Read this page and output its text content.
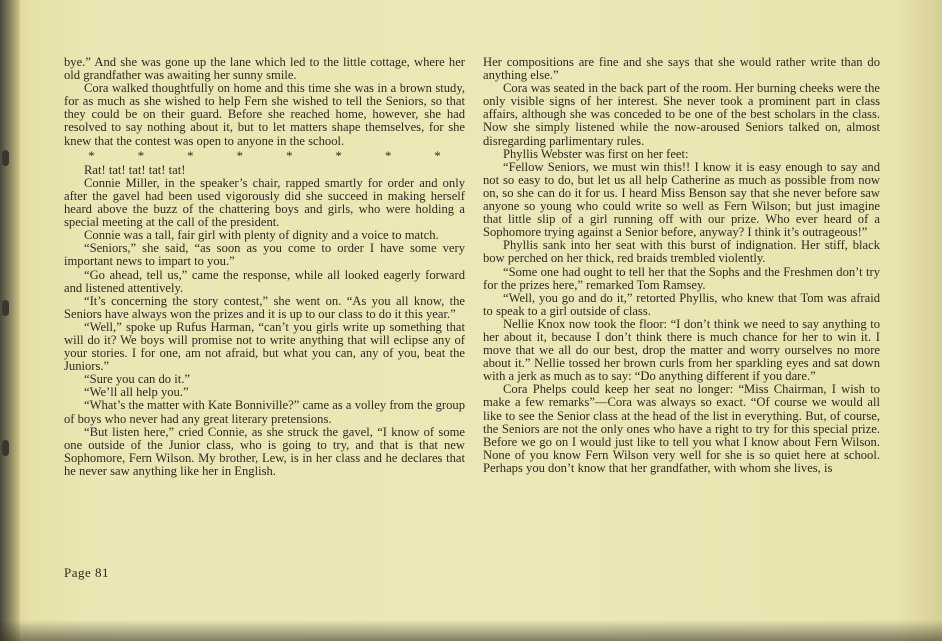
bye.” And she was gone up the lane which led to the little cottage, where her old grandfather was awaiting her sunny smile.

Cora walked thoughtfully on home and this time she was in a brown study, for as much as she wished to help Fern she wished to tell the Seniors, so that they could be on their guard. Before she reached home, however, she had resolved to say nothing about it, but to let matters shape themselves, for she knew that the contest was open to anyone in the school.

* * * * * * * *

Rat! tat! tat! tat! tat!

Connie Miller, in the speaker’s chair, rapped smartly for order and only after the gavel had been used vigorously did she succeed in making herself heard above the buzz of the chattering boys and girls, who were holding a special meeting at the call of the president.

Connie was a tall, fair girl with plenty of dignity and a voice to match.

“Seniors,” she said, “as soon as you come to order I have some very important news to impart to you.”

“Go ahead, tell us,” came the response, while all looked eagerly forward and listened attentively.

“It’s concerning the story contest,” she went on. “As you all know, the Seniors have always won the prizes and it is up to our class to do it this year.”

“Well,” spoke up Rufus Harman, “can’t you girls write up something that will do it? We boys will promise not to write anything that will eclipse any of your stories. I for one, am not afraid, but what you can, any of you, beat the Juniors.”

“Sure you can do it.”

“We’ll all help you.”

“What’s the matter with Kate Bonniville?” came as a volley from the group of boys who never had any great literary pretensions.

“But listen here,” cried Connie, as she struck the gavel, “I know of some one outside of the Junior class, who is going to try, and that is that new Sophomore, Fern Wilson. My brother, Lew, is in her class and he declares that he never saw anything like her in English.

Her compositions are fine and she says that she would rather write than do anything else.”

Cora was seated in the back part of the room. Her burning cheeks were the only visible signs of her interest. She never took a prominent part in class affairs, although she was conceded to be one of the best scholars in the class. Now she simply listened while the now-aroused Seniors talked on, almost disregarding parlimentary rules.

Phyllis Webster was first on her feet:

“Fellow Seniors, we must win this!! I know it is easy enough to say and not so easy to do, but let us all help Catherine as much as possible from now on, so she can do it for us. I heard Miss Benson say that she never before saw anyone so young who could write so well as Fern Wilson; but just imagine that little slip of a girl running off with our prize. Who ever heard of a Sophomore trying against a Senior before, anyway? I think it’s outrageous!”

Phyllis sank into her seat with this burst of indignation. Her stiff, black bow perched on her thick, red braids trembled violently.

“Some one had ought to tell her that the Sophs and the Freshmen don’t try for the prizes here,” remarked Tom Ramsey.

“Well, you go and do it,” retorted Phyllis, who knew that Tom was afraid to speak to a girl outside of class.

Nellie Knox now took the floor: “I don’t think we need to say anything to her about it, because I don’t think there is much chance for her to win it. I move that we all do our best, drop the matter and worry ourselves no more about it.” Nellie tossed her brown curls from her sparkling eyes and sat down with a jerk as much as to say: “Do anything different if you dare.”

Cora Phelps could keep her seat no longer: “Miss Chairman, I wish to make a few remarks”—Cora was always so exact. “Of course we would all like to see the Senior class at the head of the list in everything. But, of course, the Seniors are not the only ones who have a right to try for this special prize. Before we go on I would just like to tell you what I know about Fern Wilson. None of you know Fern Wilson very well for she is so quiet here at school. Perhaps you don’t know that her grandfather, with whom she lives, is

Page 81
